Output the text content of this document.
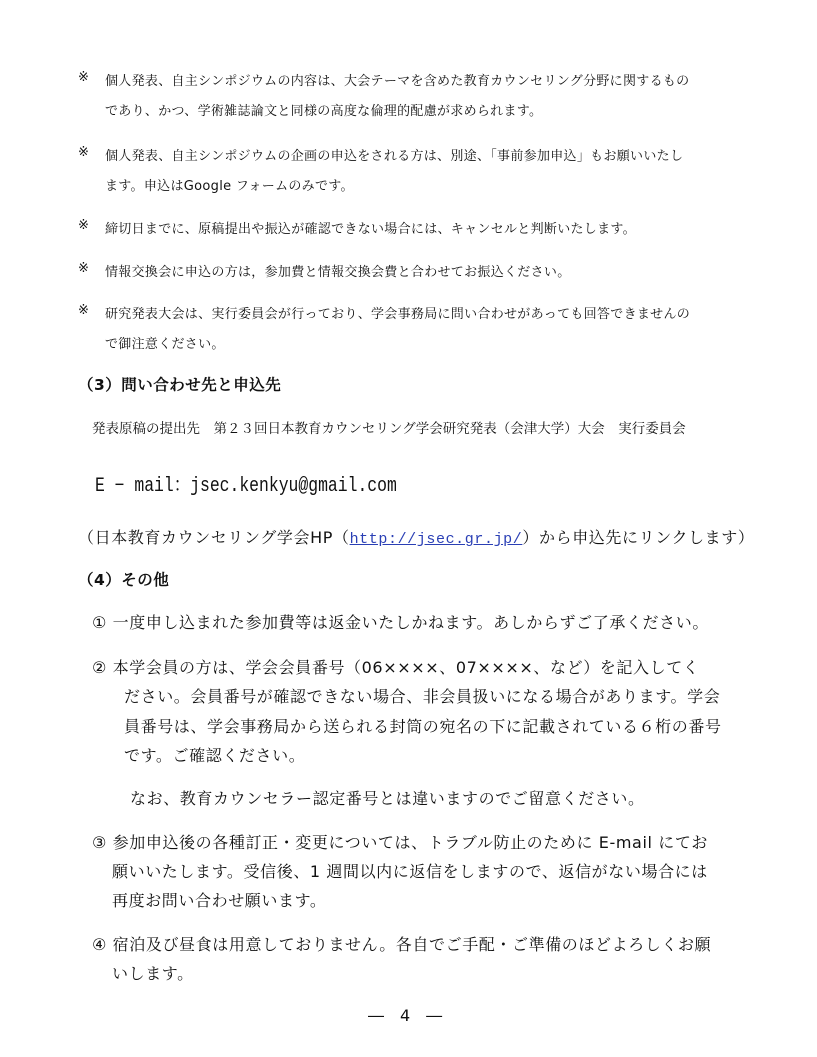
※ 個人発表、自主シンポジウムの内容は、大会テーマを含めた教育カウンセリング分野に関するもの
であり、かつ、学術雑誌論文と同様の高度な倫理的配慮が求められます。
※ 個人発表、自主シンポジウムの企画の申込をされる方は、別途、「事前参加申込」もお願いいたし
ます。申込はGoogle フォームのみです。
※ 締切日までに、原稿提出や振込が確認できない場合には、キャンセルと判断いたします。
※ 情報交換会に申込の方は，参加費と情報交換会費と合わせてお振込ください。
※ 研究発表大会は、実行委員会が行っており、学会事務局に問い合わせがあっても回答できませんの
で御注意ください。
（3）問い合わせ先と申込先
発表原稿の提出先　第２３回日本教育カウンセリング学会研究発表（会津大学）大会　実行委員会
E − mail：jsec.kenkyu@gmail.com
（日本教育カウンセリング学会HP（http://jsec.gr.jp/）から申込先にリンクします）
（4）その他
① 一度申し込まれた参加費等は返金いたしかねます。あしからずご了承ください。
② 本学会員の方は、学会会員番号（06××××、07××××、など）を記入してく
ださい。会員番号が確認できない場合、非会員扱いになる場合があります。学会
員番号は、学会事務局から送られる封筒の宛名の下に記載されている６桁の番号
です。ご確認ください。
なお、教育カウンセラー認定番号とは違いますのでご留意ください。
③ 参加申込後の各種訂正・変更については、トラブル防止のために E-mail にてお
願いいたします。受信後、1 週間以内に返信をしますので、返信がない場合には
再度お問い合わせ願います。
④ 宿泊及び昼食は用意しておりません。各自でご手配・ご準備のほどよろしくお願
いします。
―　4　―
